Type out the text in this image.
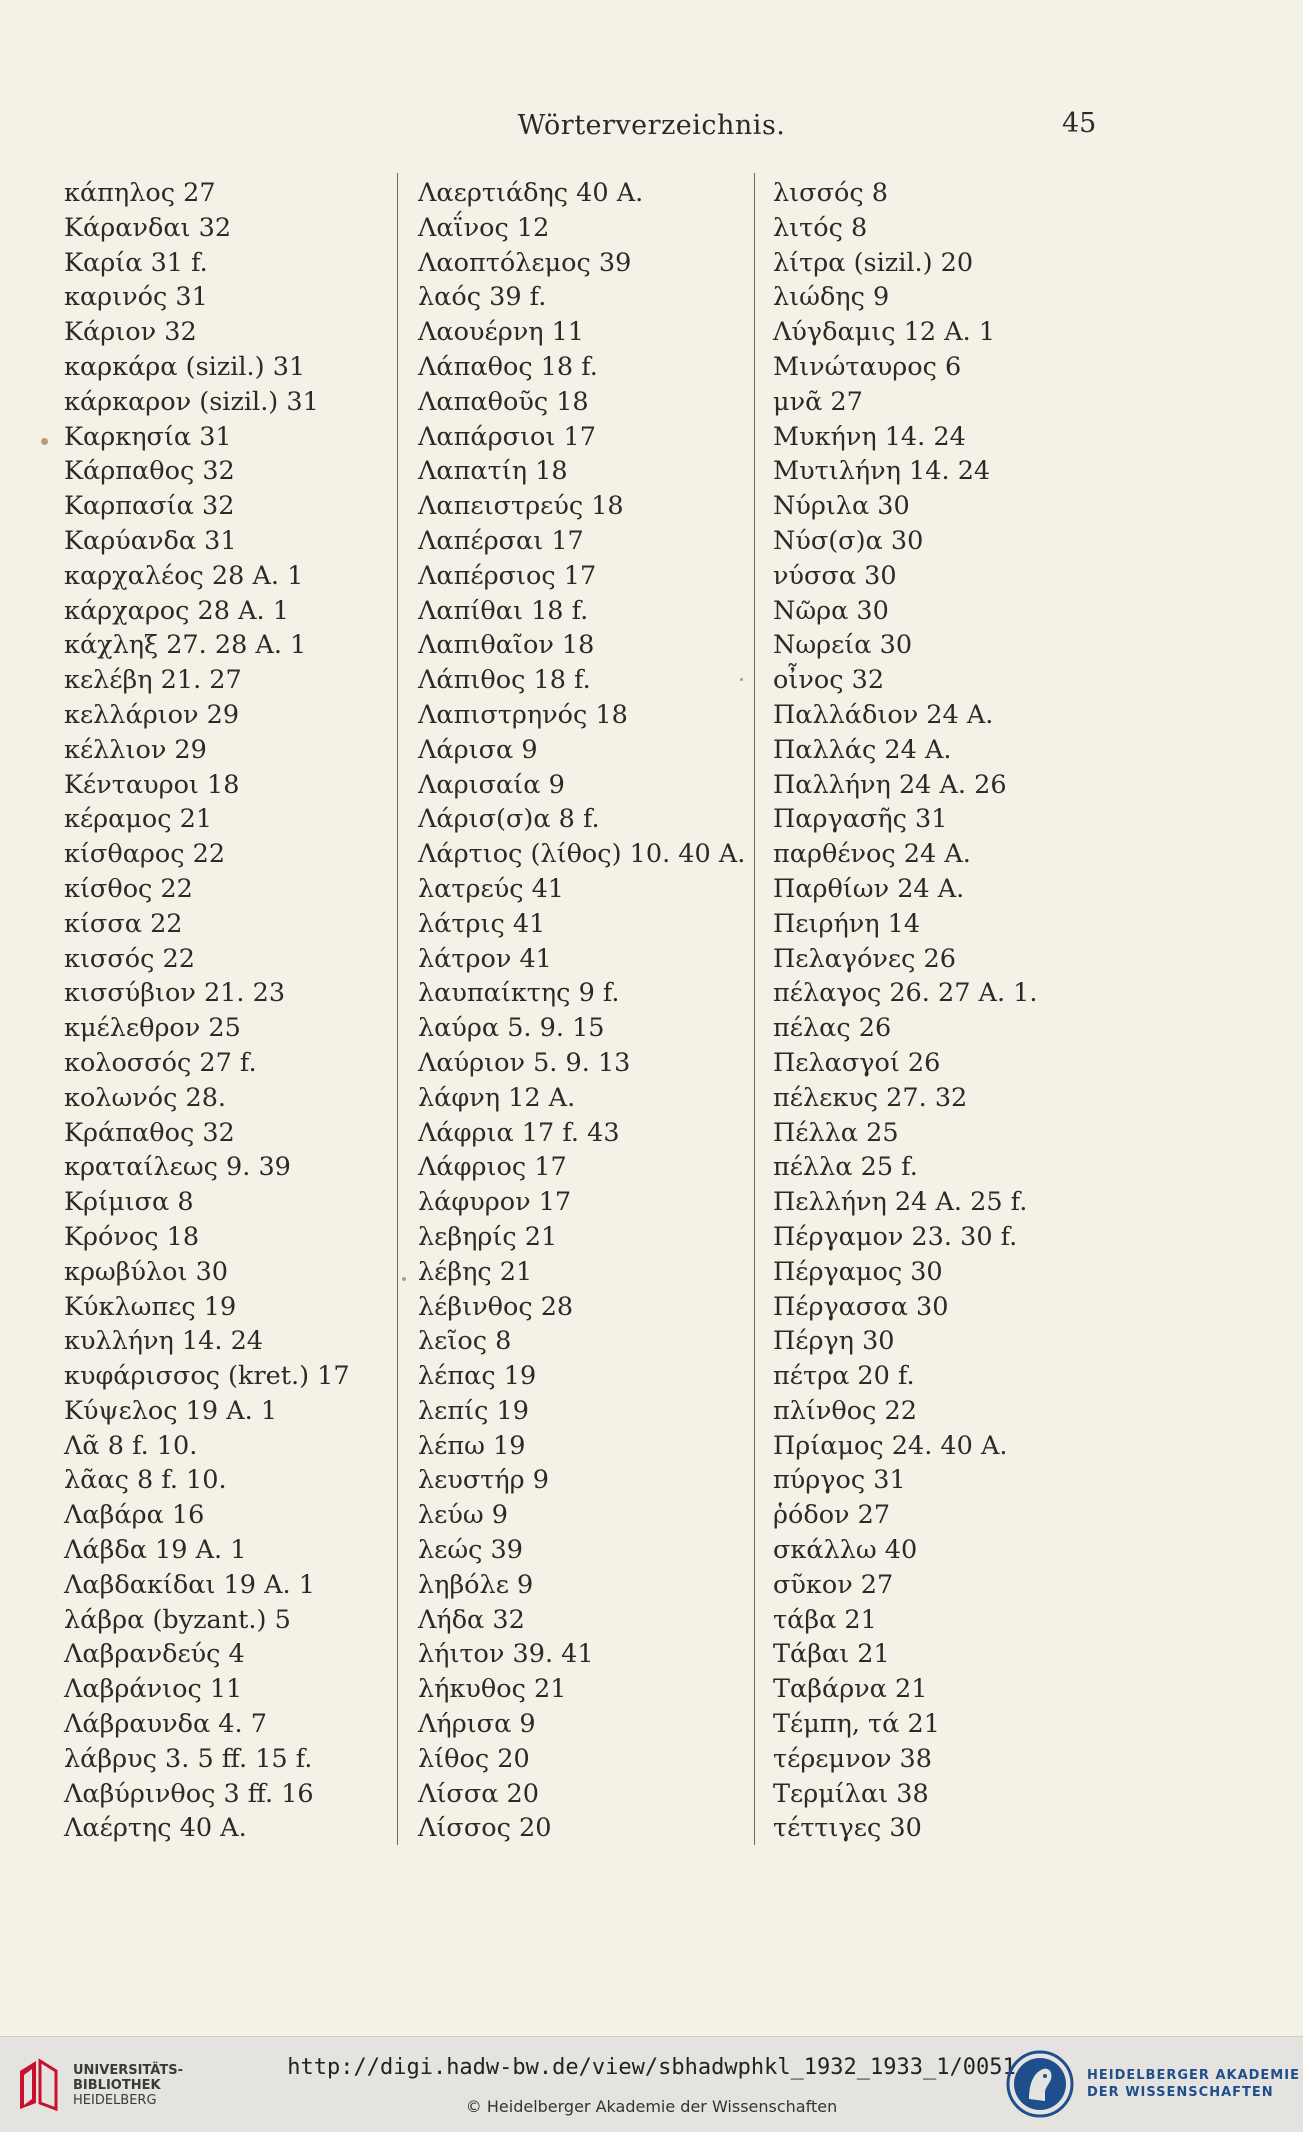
Wörterverzeichnis.	45
κάπηλος 27
Κάρανδαι 32
Καρία 31 f.
καρινός 31
Κάριον 32
καρκάρα (sizil.) 31
κάρκαρον (sizil.) 31
Καρκησία 31
Κάρπαθος 32
Καρπασία 32
Καρύανδα 31
καρχαλέος 28 A. 1
κάρχαρος 28 A. 1
κάχληξ 27. 28 A. 1
κελέβη 21. 27
κελλάριον 29
κέλλιον 29
Κένταυροι 18
κέραμος 21
κίσθαρος 22
κίσθος 22
κίσσα 22
κισσός 22
κισσύβιον 21. 23
κμέλεθρον 25
κολοσσός 27 f.
κολωνός 28.
Κράπαθος 32
κραταίλεως 9. 39
Κρίμισα 8
Κρόνος 18
κρωβύλοι 30
Κύκλωπες 19
κυλλήνη 14. 24
κυφάρισσος (kret.) 17
Κύψελος 19 A. 1
Λᾶ 8 f. 10.
λᾶας 8 f. 10.
Λαβάρα 16
Λάβδα 19 A. 1
Λαβδακίδαι 19 A. 1
λάβρα (byzant.) 5
Λαβρανδεύς 4
Λαβράνιος 11
Λάβραυνδα 4. 7
λάβρυς 3. 5 ff. 15 f.
Λαβύρινθος 3 ff. 16
Λαέρτης 40 A.
Λαερτιάδης 40 A.
Λαΐνος 12
Λαοπτόλεμος 39
λαός 39 f.
Λαουέρνη 11
Λάπαθος 18 f.
Λαπαθοῦς 18
Λαπάρσιοι 17
Λαπατίη 18
Λαπειστρεύς 18
Λαπέρσαι 17
Λαπέρσιος 17
Λαπίθαι 18 f.
Λαπιθαῖον 18
Λάπιθος 18 f.
Λαπιστρηνός 18
Λάρισα 9
Λαρισαία 9
Λάρισ(σ)α 8 f.
Λάρτιος (λίθος) 10. 40 A.
λατρεύς 41
λάτρις 41
λάτρον 41
λαυπαίκτης 9 f.
λαύρα 5. 9. 15
Λαύριον 5. 9. 13
λάφνη 12 A.
Λάφρια 17 f. 43
Λάφριος 17
λάφυρον 17
λεβηρίς 21
λέβης 21
λέβινθος 28
λεῖος 8
λέπας 19
λεπίς 19
λέπω 19
λευστήρ 9
λεύω 9
λεώς 39
ληβόλε 9
Λήδα 32
λήιτον 39. 41
λήκυθος 21
Λήρισα 9
λίθος 20
Λίσσα 20
Λίσσος 20
λισσός 8
λιτός 8
λίτρα (sizil.) 20
λιώδης 9
Λύγδαμις 12 A. 1
Μινώταυρος 6
μνᾶ 27
Μυκήνη 14. 24
Μυτιλήνη 14. 24
Νύριλα 30
Νύσ(σ)α 30
νύσσα 30
Νῶρα 30
Νωρεία 30
οἶνος 32
Παλλάδιον 24 A.
Παλλάς 24 A.
Παλλήνη 24 A. 26
Παργασῆς 31
παρθένος 24 A.
Παρθίων 24 A.
Πειρήνη 14
Πελαγόνες 26
πέλαγος 26. 27 A. 1.
πέλας 26
Πελασγοί 26
πέλεκυς 27. 32
Πέλλα 25
πέλλα 25 f.
Πελλήνη 24 A. 25 f.
Πέργαμον 23. 30 f.
Πέργαμος 30
Πέργασσα 30
Πέργη 30
πέτρα 20 f.
πλίνθος 22
Πρίαμος 24. 40 A.
πύργος 31
ῥόδον 27
σκάλλω 40
σῦκον 27
τάβα 21
Τάβαι 21
Ταβάρνα 21
Τέμπη, τά 21
τέρεμνον 38
Τερμίλαι 38
τέττιγες 30
UNIVERSITÄTS-
BIBLIOTHEK
HEIDELBERG
http://digi.hadw-bw.de/view/sbhadwphkl_1932_1933_1/0051
© Heidelberger Akademie der Wissenschaften
HEIDELBERGER AKADEMIE
DER WISSENSCHAFTEN
